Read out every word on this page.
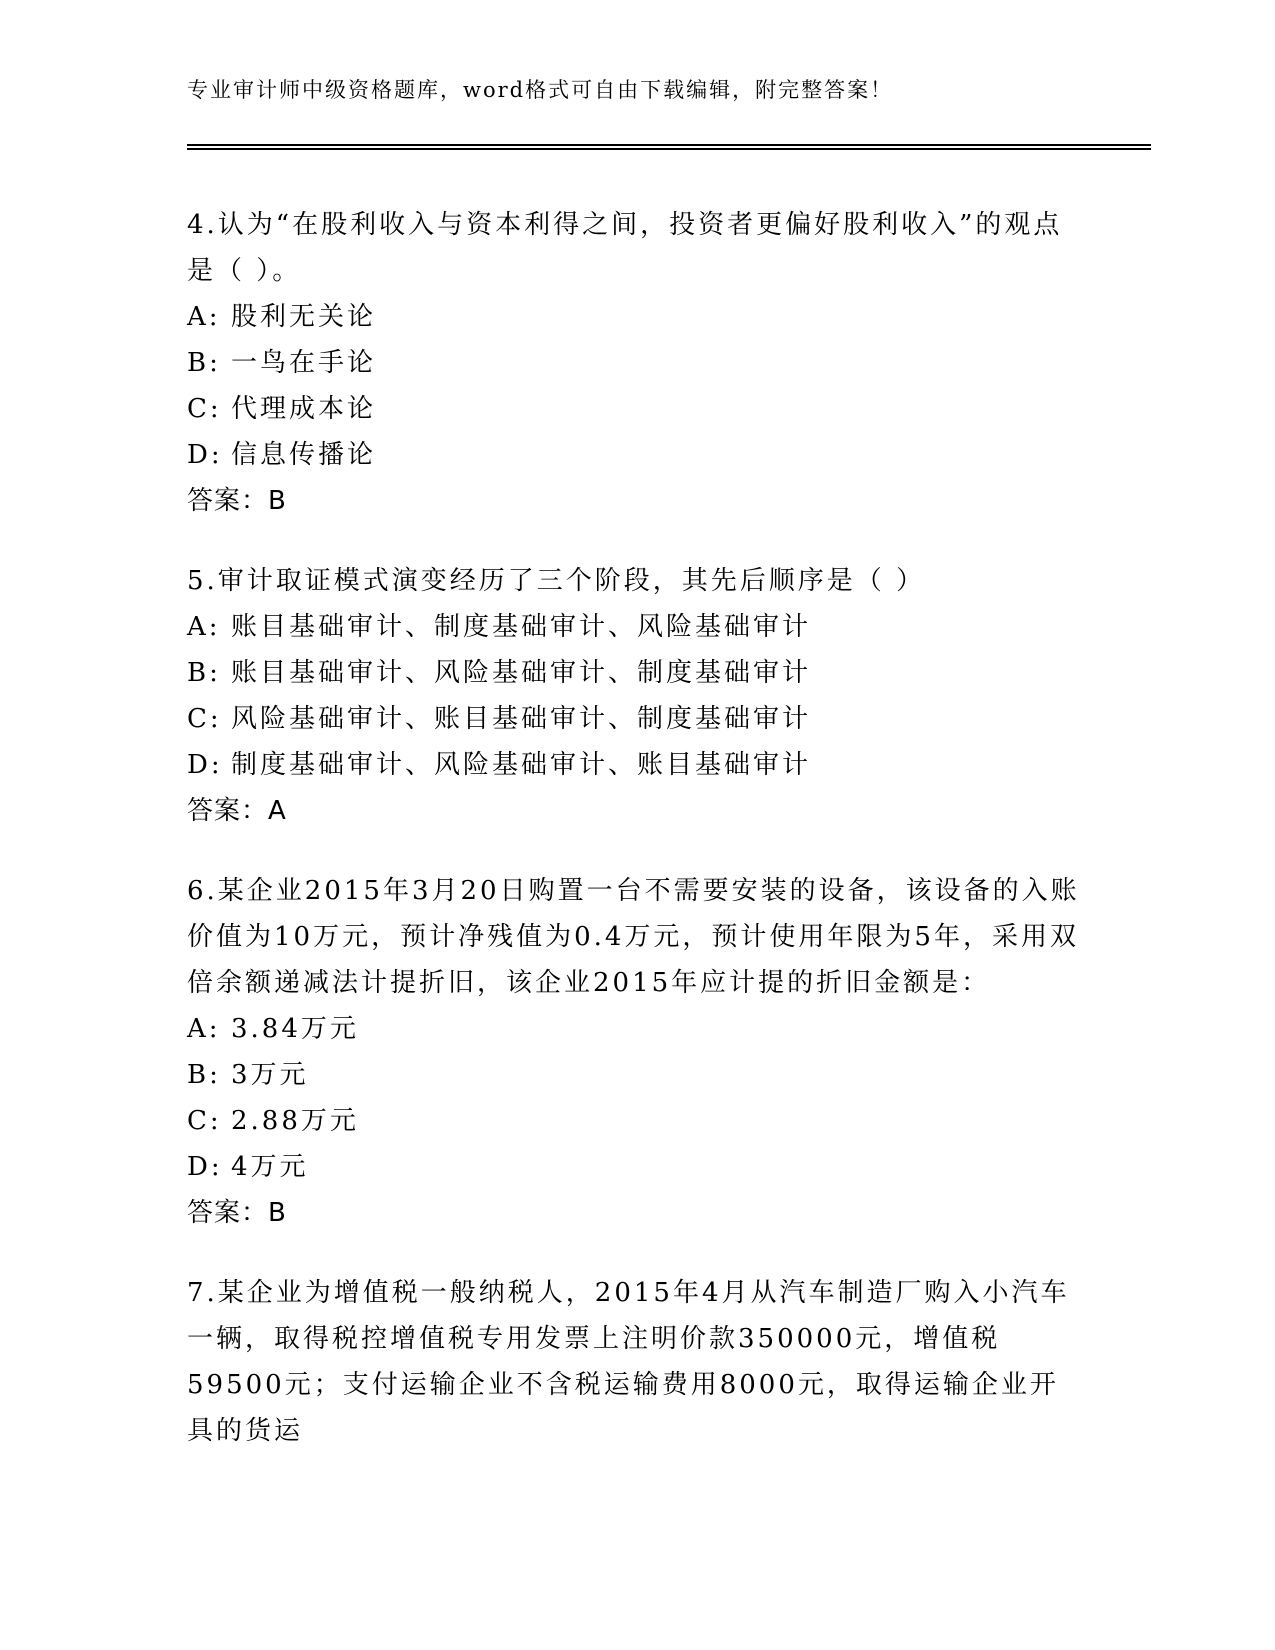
专业审计师中级资格题库，word格式可自由下载编辑，附完整答案！

4.认为“在股利收入与资本利得之间，投资者更偏好股利收入”的观点是（ ）。

A: 股利无关论

B: 一鸟在手论

C: 代理成本论

D: 信息传播论

答案：B

5.审计取证模式演变经历了三个阶段，其先后顺序是（ ）

A: 账目基础审计、制度基础审计、风险基础审计

B: 账目基础审计、风险基础审计、制度基础审计

C: 风险基础审计、账目基础审计、制度基础审计

D: 制度基础审计、风险基础审计、账目基础审计

答案：A

6.某企业2015年3月20日购置一台不需要安装的设备，该设备的入账价值为10万元，预计净残值为0.4万元，预计使用年限为5年，采用双倍余额递减法计提折旧，该企业2015年应计提的折旧金额是：

A: 3.84万元

B: 3万元

C: 2.88万元

D: 4万元

答案：B

7.某企业为增值税一般纳税人，2015年4月从汽车制造厂购入小汽车一辆，取得税控增值税专用发票上注明价款350000元，增值税59500元；支付运输企业不含税运输费用8000元，取得运输企业开具的货运
